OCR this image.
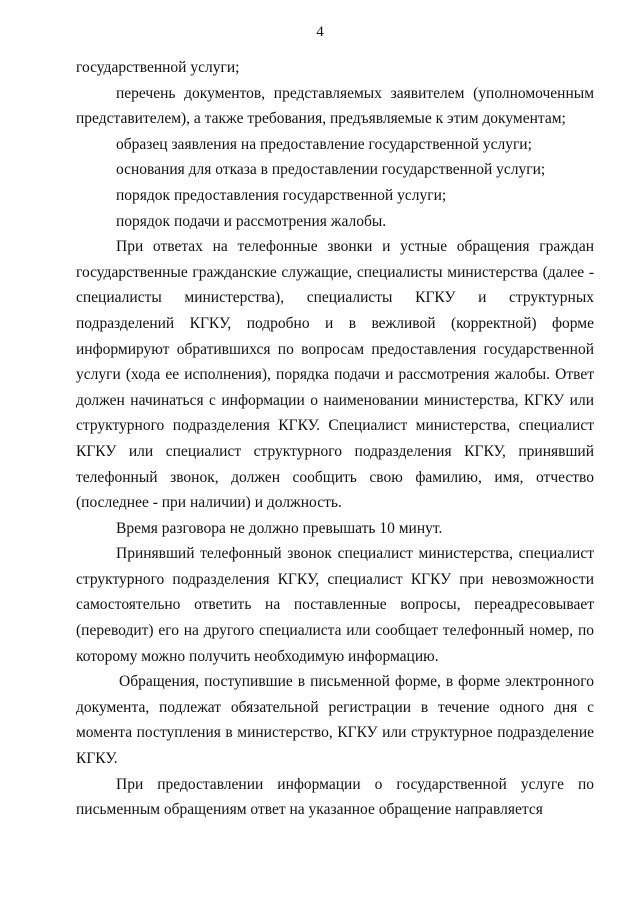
4

государственной услуги;

перечень документов, представляемых заявителем (уполномоченным представителем), а также требования, предъявляемые к этим документам;

образец заявления на предоставление государственной услуги;

основания для отказа в предоставлении государственной услуги;

порядок предоставления государственной услуги;

порядок подачи и рассмотрения жалобы.

При ответах на телефонные звонки и устные обращения граждан государственные гражданские служащие, специалисты министерства (далее - специалисты министерства), специалисты КГКУ и структурных подразделений КГКУ, подробно и в вежливой (корректной) форме информируют обратившихся по вопросам предоставления государственной услуги (хода ее исполнения), порядка подачи и рассмотрения жалобы. Ответ должен начинаться с информации о наименовании министерства, КГКУ или структурного подразделения КГКУ. Специалист министерства, специалист КГКУ или специалист структурного подразделения КГКУ, принявший телефонный звонок, должен сообщить свою фамилию, имя, отчество (последнее - при наличии) и должность.

Время разговора не должно превышать 10 минут.

Принявший телефонный звонок специалист министерства, специалист структурного подразделения КГКУ, специалист КГКУ при невозможности самостоятельно ответить на поставленные вопросы, переадресовывает (переводит) его на другого специалиста или сообщает телефонный номер, по которому можно получить необходимую информацию.

Обращения, поступившие в письменной форме, в форме электронного документа, подлежат обязательной регистрации в течение одного дня с момента поступления в министерство, КГКУ или структурное подразделение КГКУ.

При предоставлении информации о государственной услуге по письменным обращениям ответ на указанное обращение направляется
